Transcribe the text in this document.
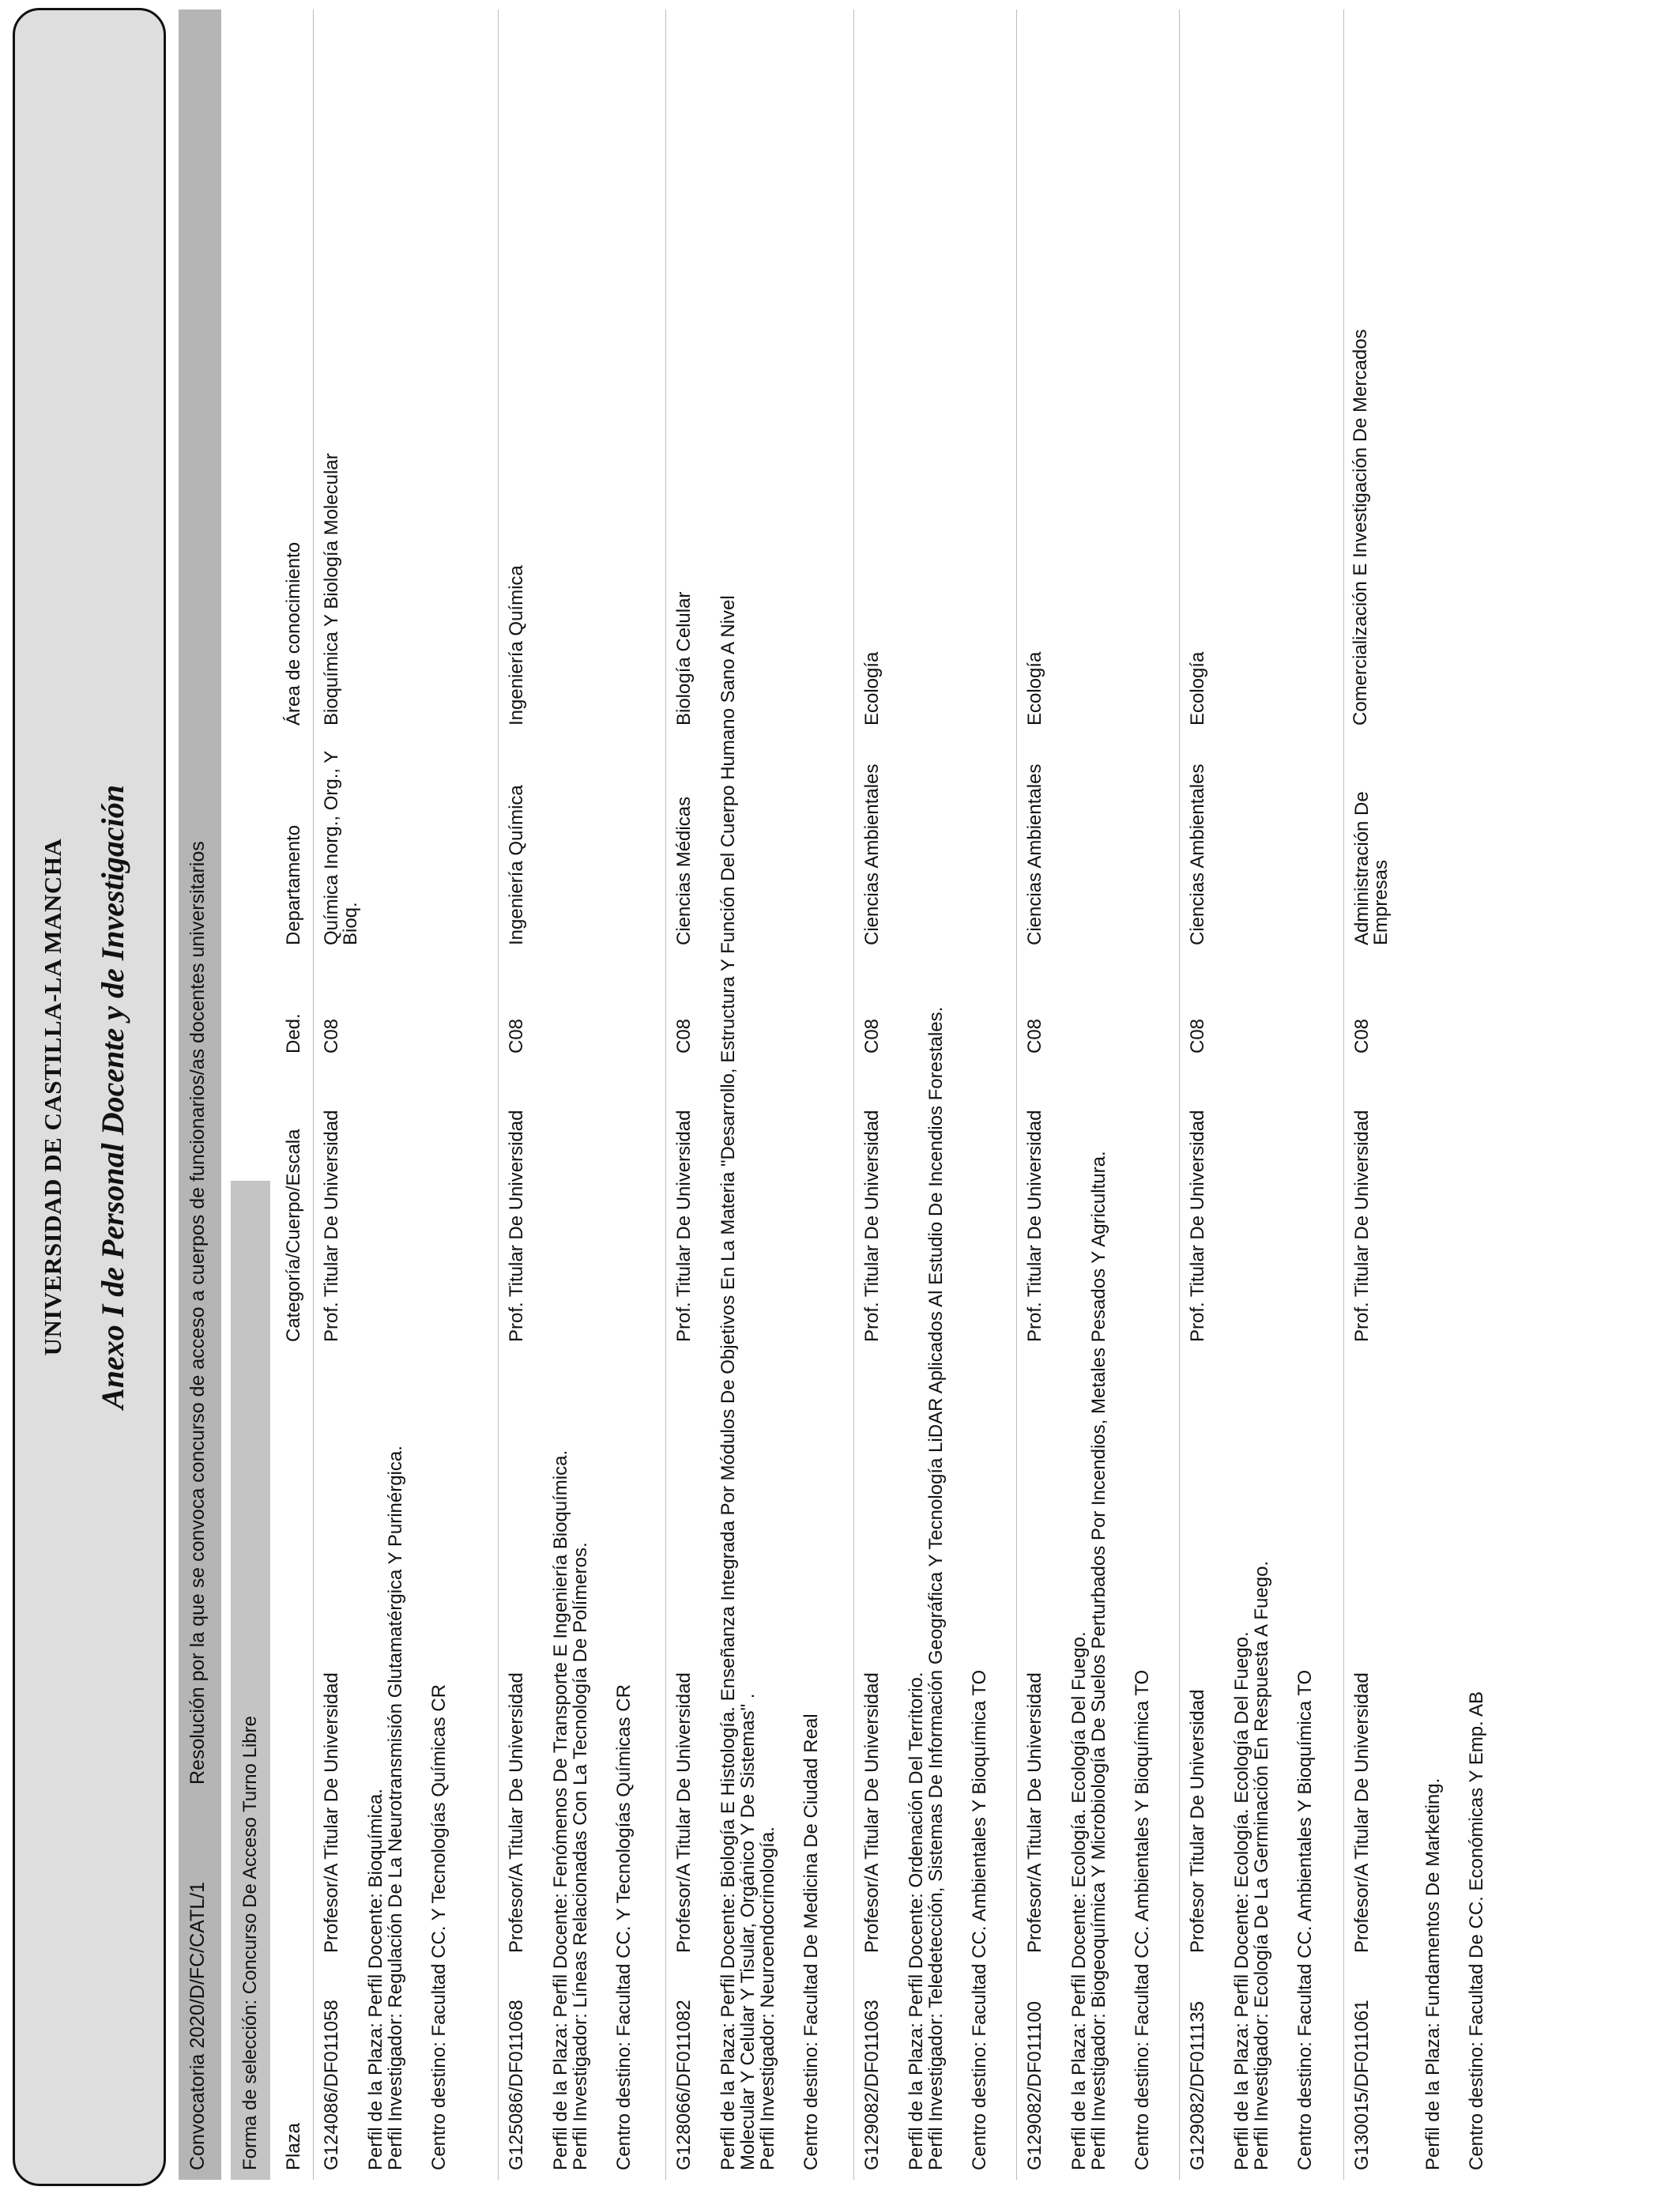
UNIVERSIDAD DE CASTILLA-LA MANCHA Anexo I de Personal Docente y de Investigación
Convocatoria 2020/D/FC/CATL/1
Resolución por la que se convoca concurso de acceso a cuerpos de funcionarios/as docentes universitarios
Forma de selección: Concurso De Acceso Turno Libre Plaza
Categoría/Cuerpo/Escala
Ded.
Departamento
Área de conocimiento
G124086/DF011058
Profesor/A Titular De Universidad
Prof. Titular De Universidad
C08
Química Inorg., Org., Y
Bioq.
Bioquímica Y Biología Molecular
Perfil de la Plaza: Perfil Docente: Bioquímica.
Perfil Investigador: Regulación De La Neurotransmisión Glutamatérgica Y Purinérgica. Centro destino: Facultad CC. Y Tecnologías Químicas CR	G125086/DF011068
Profesor/A Titular De Universidad
Prof. Titular De Universidad
C08
Ingeniería Química
Ingeniería Química
Perfil de la Plaza: Perfil Docente: Fenómenos De Transporte E Ingeniería Bioquímica.
Perfil Investigador: Líneas Relacionadas Con La Tecnología De Polímeros. Centro destino: Facultad CC. Y Tecnologías Químicas CR G128066/DF011082
Profesor/A Titular De Universidad
Prof. Titular De Universidad
C08
Ciencias Médicas
Biología Celular Perfil de la Plaza: Perfil Docente: Biología E Histología. Enseñanza Integrada Por Módulos De Objetivos En La Materia "Desarrollo, Estructura Y Función Del Cuerpo Humano Sano A Nivel
Molecular Y Celular Y Tisular, Orgánico Y De Sistemas" .
Perfil Investigador: Neuroendocrinología. Centro destino: Facultad De Medicina De Ciudad Real G129082/DF011063
Profesor/A Titular De Universidad
Prof. Titular De Universidad
C08
Ciencias Ambientales
Ecología
Perfil de la Plaza: Perfil Docente: Ordenación Del Territorio.
Perfil Investigador: Teledetección, Sistemas De Información Geográfica Y Tecnología LiDAR Aplicados Al Estudio De Incendios Forestales. Centro destino: Facultad CC. Ambientales Y Bioquímica TO G129082/DF011100
Profesor/A Titular De Universidad
Prof. Titular De Universidad
C08
Ciencias Ambientales
Ecología
Perfil de la Plaza: Perfil Docente: Ecología. Ecología Del Fuego.
Perfil Investigador: Biogeoquímica Y Microbiología De Suelos Perturbados Por Incendios, Metales Pesados Y Agricultura. Centro destino: Facultad CC. Ambientales Y Bioquímica TO G129082/DF011135
Profesor Titular De Universidad
Prof. Titular De Universidad
C08
Ciencias Ambientales
Ecología
Perfil de la Plaza: Perfil Docente: Ecología. Ecología Del Fuego.
Perfil Investigador: Ecología De La Germinación En Respuesta A Fuego. Centro destino: Facultad CC. Ambientales Y Bioquímica TO G130015/DF011061
Profesor/A Titular De Universidad
Prof. Titular De Universidad
C08
Administración De
Empresas
Comercialización E Investigación De Mercados
Perfil de la Plaza: Fundamentos De Marketing. Centro destino: Facultad De CC. Económicas Y Emp. AB
